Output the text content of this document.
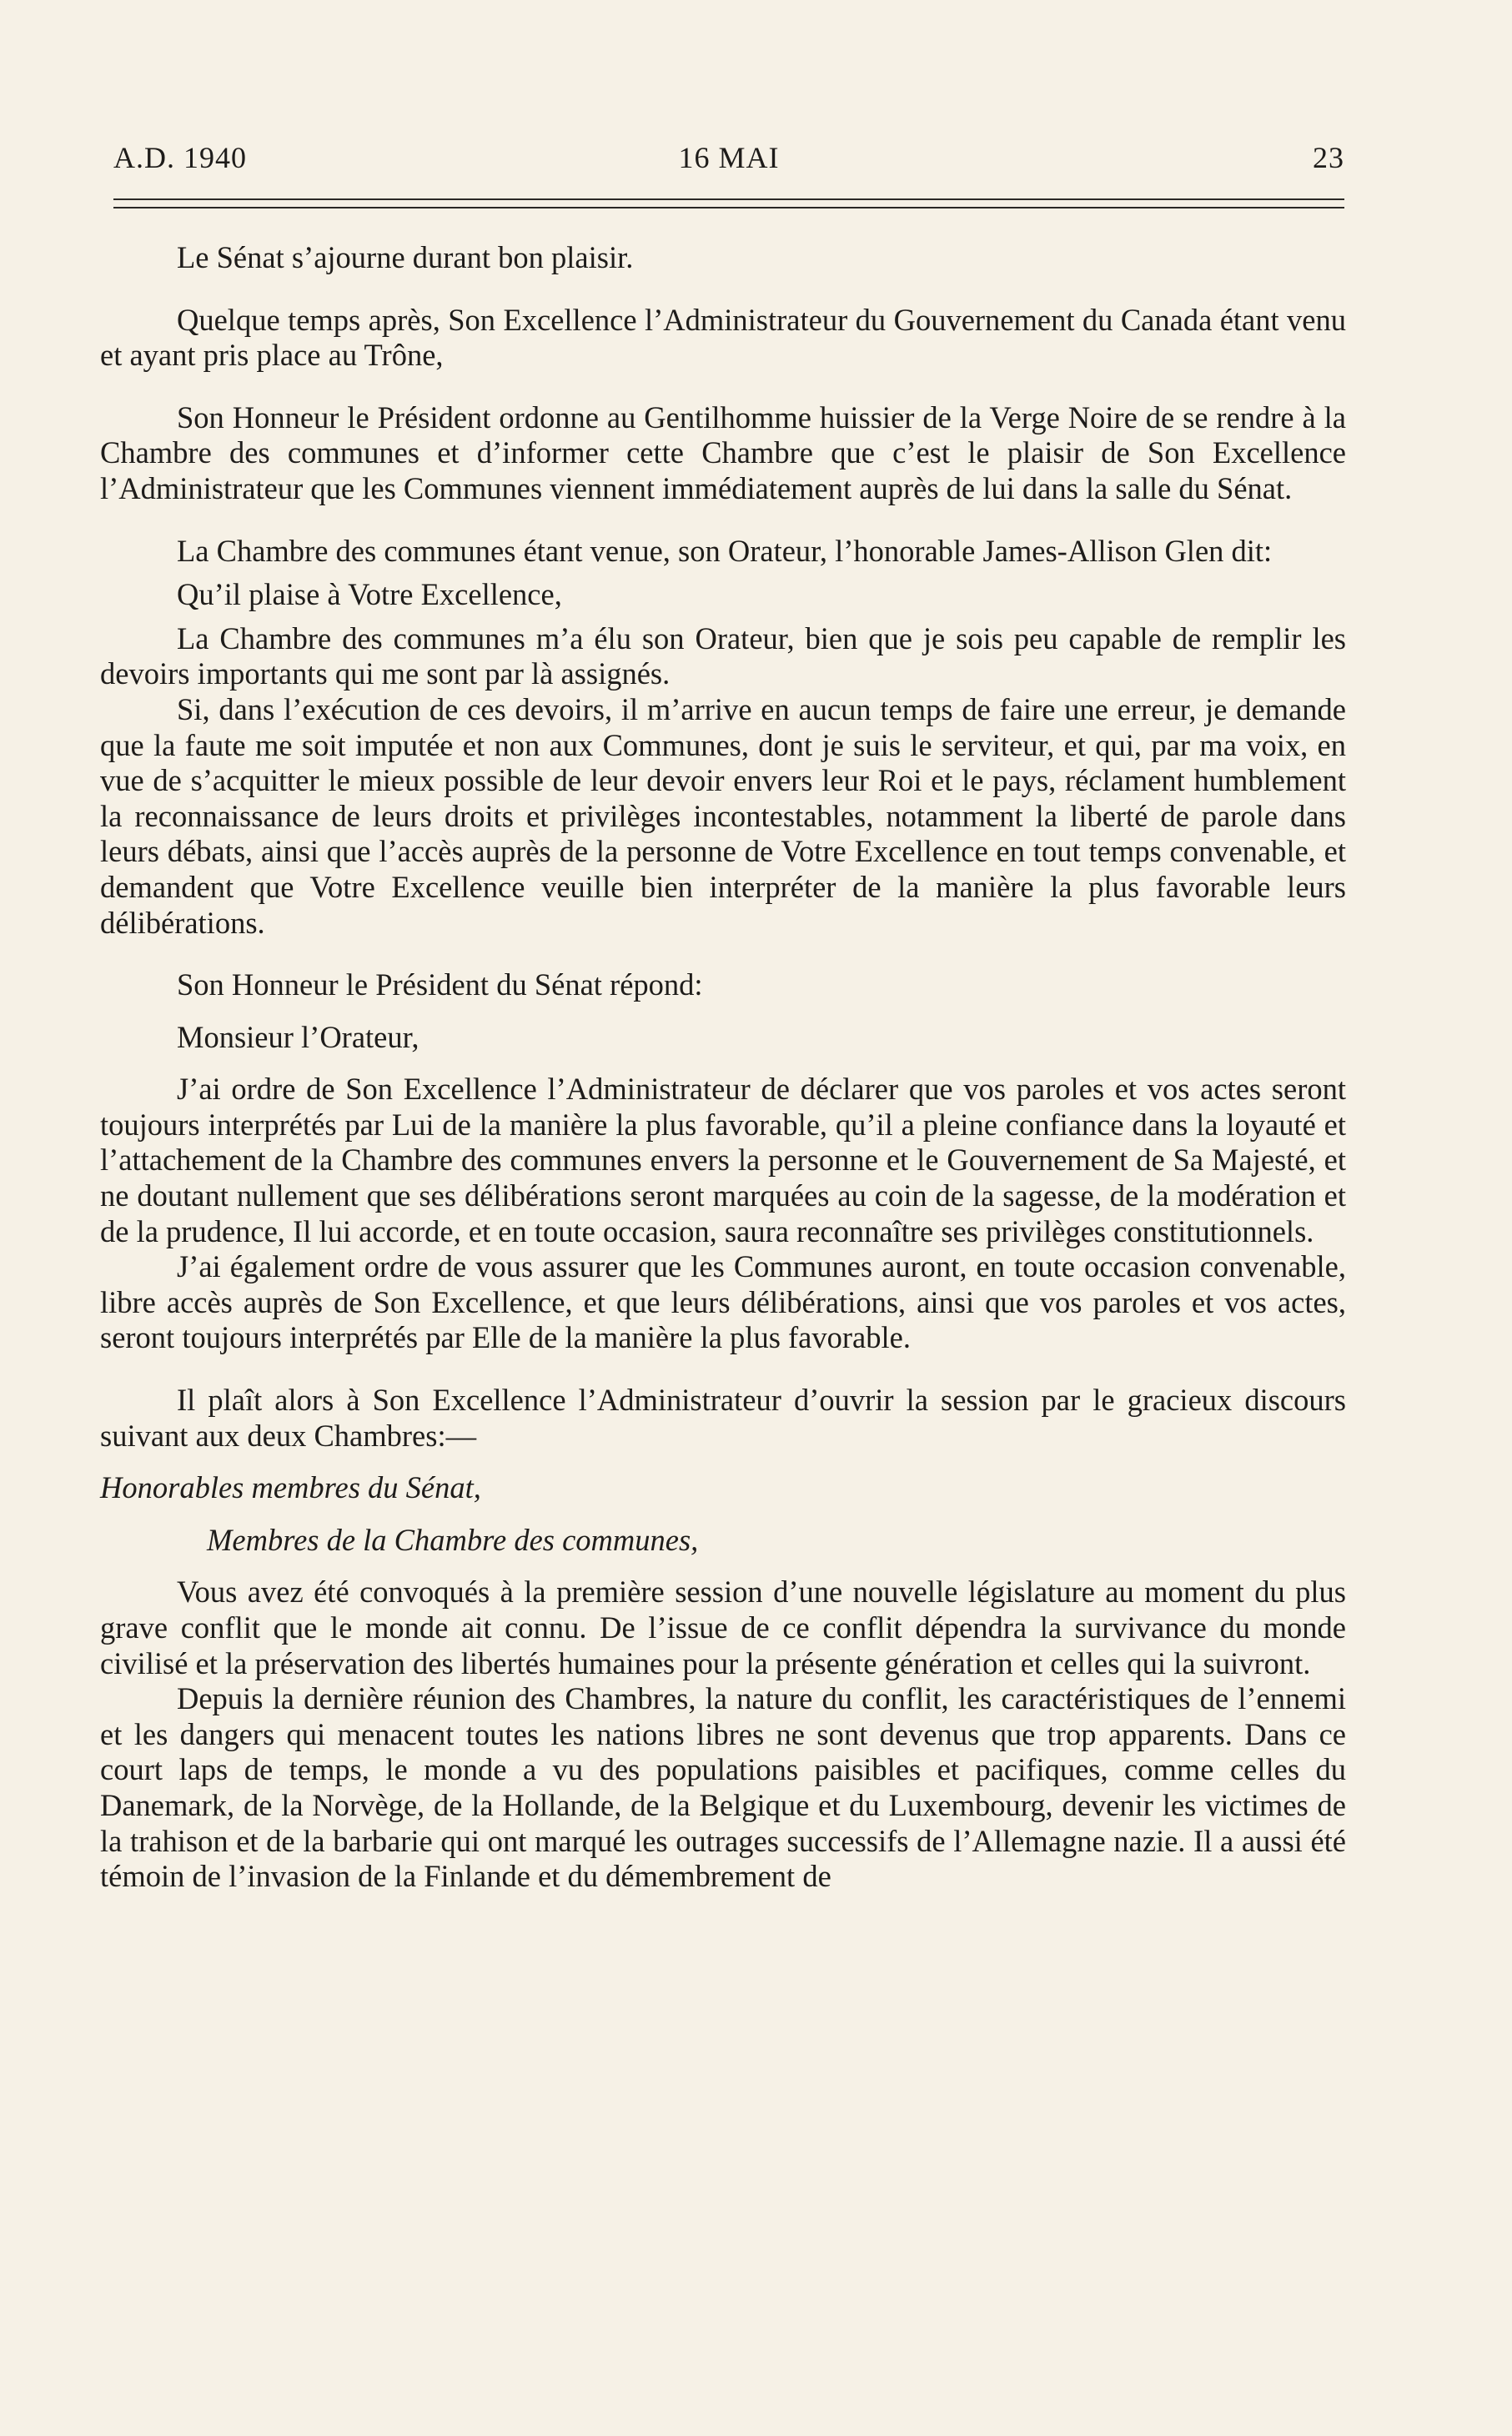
A.D. 1940	16 MAI	23

Le Sénat s’ajourne durant bon plaisir.

Quelque temps après, Son Excellence l’Administrateur du Gouvernement du Canada étant venu et ayant pris place au Trône,

Son Honneur le Président ordonne au Gentilhomme huissier de la Verge Noire de se rendre à la Chambre des communes et d’informer cette Chambre que c’est le plaisir de Son Excellence l’Administrateur que les Communes viennent immédiatement auprès de lui dans la salle du Sénat.

La Chambre des communes étant venue, son Orateur, l’honorable James-Allison Glen dit:

Qu’il plaise à Votre Excellence,

La Chambre des communes m’a élu son Orateur, bien que je sois peu capable de remplir les devoirs importants qui me sont par là assignés.

Si, dans l’exécution de ces devoirs, il m’arrive en aucun temps de faire une erreur, je demande que la faute me soit imputée et non aux Communes, dont je suis le serviteur, et qui, par ma voix, en vue de s’acquitter le mieux possible de leur devoir envers leur Roi et le pays, réclament humblement la reconnaissance de leurs droits et privilèges incontestables, notamment la liberté de parole dans leurs débats, ainsi que l’accès auprès de la personne de Votre Excellence en tout temps convenable, et demandent que Votre Excellence veuille bien interpréter de la manière la plus favorable leurs délibérations.

Son Honneur le Président du Sénat répond:

Monsieur l’Orateur,

J’ai ordre de Son Excellence l’Administrateur de déclarer que vos paroles et vos actes seront toujours interprétés par Lui de la manière la plus favorable, qu’il a pleine confiance dans la loyauté et l’attachement de la Chambre des communes envers la personne et le Gouvernement de Sa Majesté, et ne doutant nullement que ses délibérations seront marquées au coin de la sagesse, de la modération et de la prudence, Il lui accorde, et en toute occasion, saura reconnaître ses privilèges constitutionnels.

J’ai également ordre de vous assurer que les Communes auront, en toute occasion convenable, libre accès auprès de Son Excellence, et que leurs délibérations, ainsi que vos paroles et vos actes, seront toujours interprétés par Elle de la manière la plus favorable.

Il plaît alors à Son Excellence l’Administrateur d’ouvrir la session par le gracieux discours suivant aux deux Chambres:—

Honorables membres du Sénat,

Membres de la Chambre des communes,

Vous avez été convoqués à la première session d’une nouvelle législature au moment du plus grave conflit que le monde ait connu. De l’issue de ce conflit dépendra la survivance du monde civilisé et la préservation des libertés humaines pour la présente génération et celles qui la suivront.

Depuis la dernière réunion des Chambres, la nature du conflit, les caractéristiques de l’ennemi et les dangers qui menacent toutes les nations libres ne sont devenus que trop apparents. Dans ce court laps de temps, le monde a vu des populations paisibles et pacifiques, comme celles du Danemark, de la Norvège, de la Hollande, de la Belgique et du Luxembourg, devenir les victimes de la trahison et de la barbarie qui ont marqué les outrages successifs de l’Allemagne nazie. Il a aussi été témoin de l’invasion de la Finlande et du démembrement de
